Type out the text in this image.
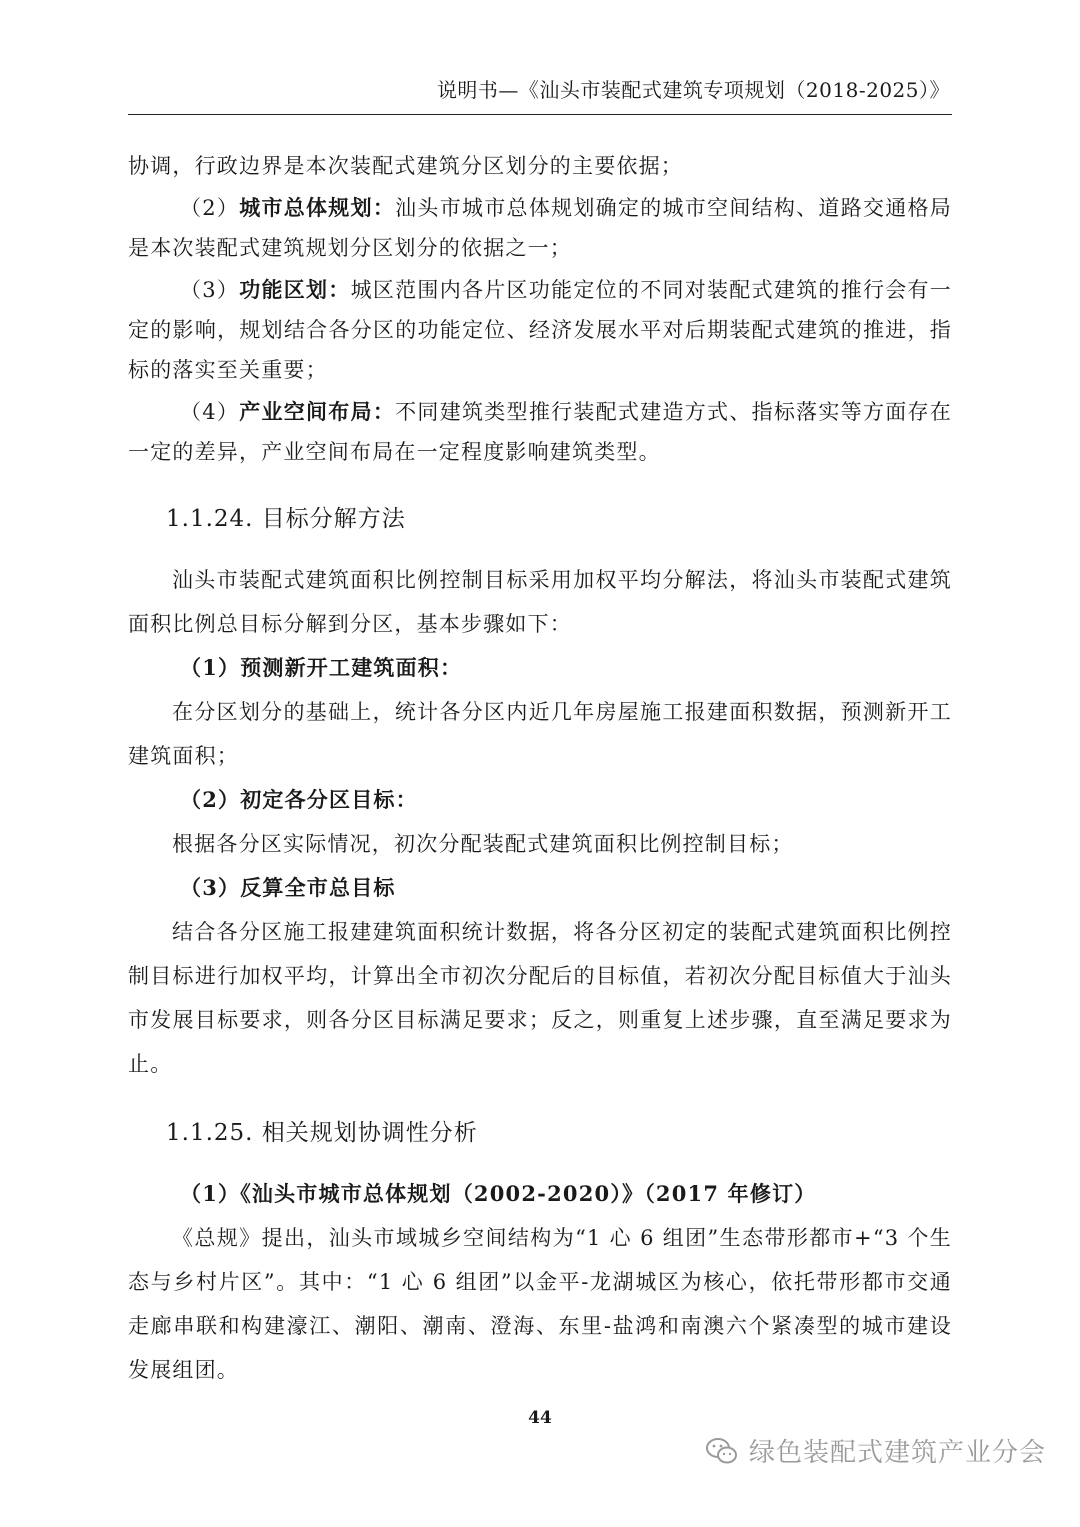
说明书—《汕头市装配式建筑专项规划（2018-2025）》

协调，行政边界是本次装配式建筑分区划分的主要依据；

（2）城市总体规划：汕头市城市总体规划确定的城市空间结构、道路交通格局是本次装配式建筑规划分区划分的依据之一；

（3）功能区划：城区范围内各片区功能定位的不同对装配式建筑的推行会有一定的影响，规划结合各分区的功能定位、经济发展水平对后期装配式建筑的推进，指标的落实至关重要；

（4）产业空间布局：不同建筑类型推行装配式建造方式、指标落实等方面存在一定的差异，产业空间布局在一定程度影响建筑类型。

1.1.24. 目标分解方法

汕头市装配式建筑面积比例控制目标采用加权平均分解法，将汕头市装配式建筑面积比例总目标分解到分区，基本步骤如下：

（1）预测新开工建筑面积：

在分区划分的基础上，统计各分区内近几年房屋施工报建面积数据，预测新开工建筑面积；

（2）初定各分区目标：

根据各分区实际情况，初次分配装配式建筑面积比例控制目标；

（3）反算全市总目标

结合各分区施工报建建筑面积统计数据，将各分区初定的装配式建筑面积比例控制目标进行加权平均，计算出全市初次分配后的目标值，若初次分配目标值大于汕头市发展目标要求，则各分区目标满足要求；反之，则重复上述步骤，直至满足要求为止。

1.1.25. 相关规划协调性分析

（1）《汕头市城市总体规划（2002-2020）》（2017 年修订）

《总规》提出，汕头市域城乡空间结构为“1 心 6 组团”生态带形都市+“3 个生态与乡村片区”。其中：“1 心 6 组团”以金平-龙湖城区为核心，依托带形都市交通走廊串联和构建濠江、潮阳、潮南、澄海、东里-盐鸿和南澳六个紧凑型的城市建设发展组团。

44
绿色装配式建筑产业分会
